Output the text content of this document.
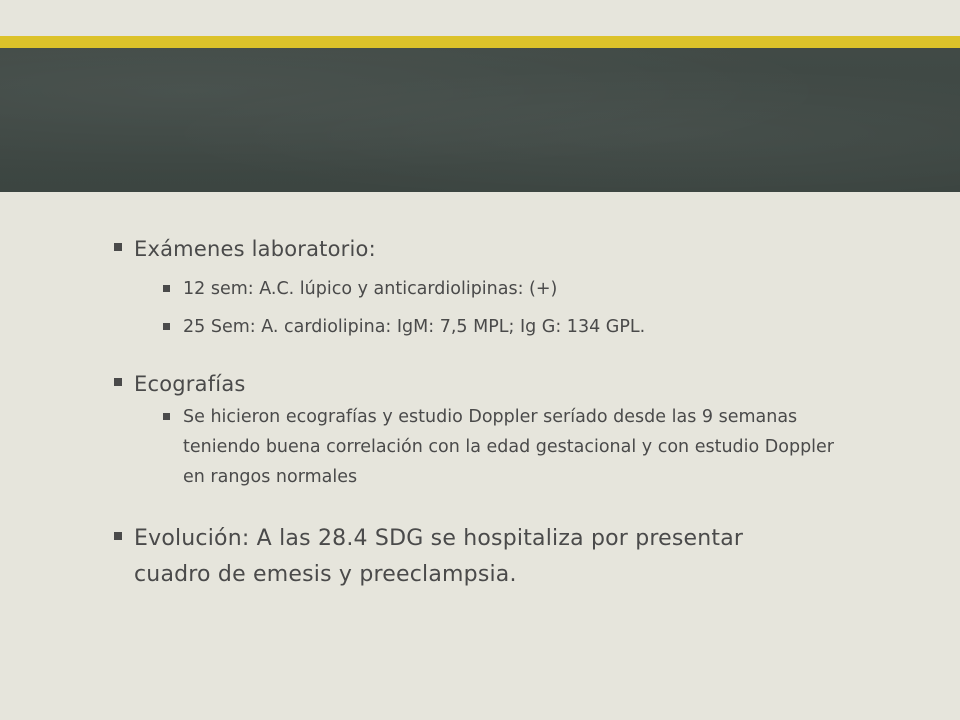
Exámenes laboratorio:

12 sem: A.C. lúpico y anticardiolipinas: (+)

25 Sem: A. cardiolipina: IgM: 7,5 MPL; Ig G: 134 GPL.

Ecografías

Se hicieron ecografías y estudio Doppler seríado desde las 9 semanas teniendo buena correlación con la edad gestacional y con estudio Doppler en rangos normales

Evolución: A las 28.4 SDG se hospitaliza por presentar cuadro de emesis y preeclampsia.
